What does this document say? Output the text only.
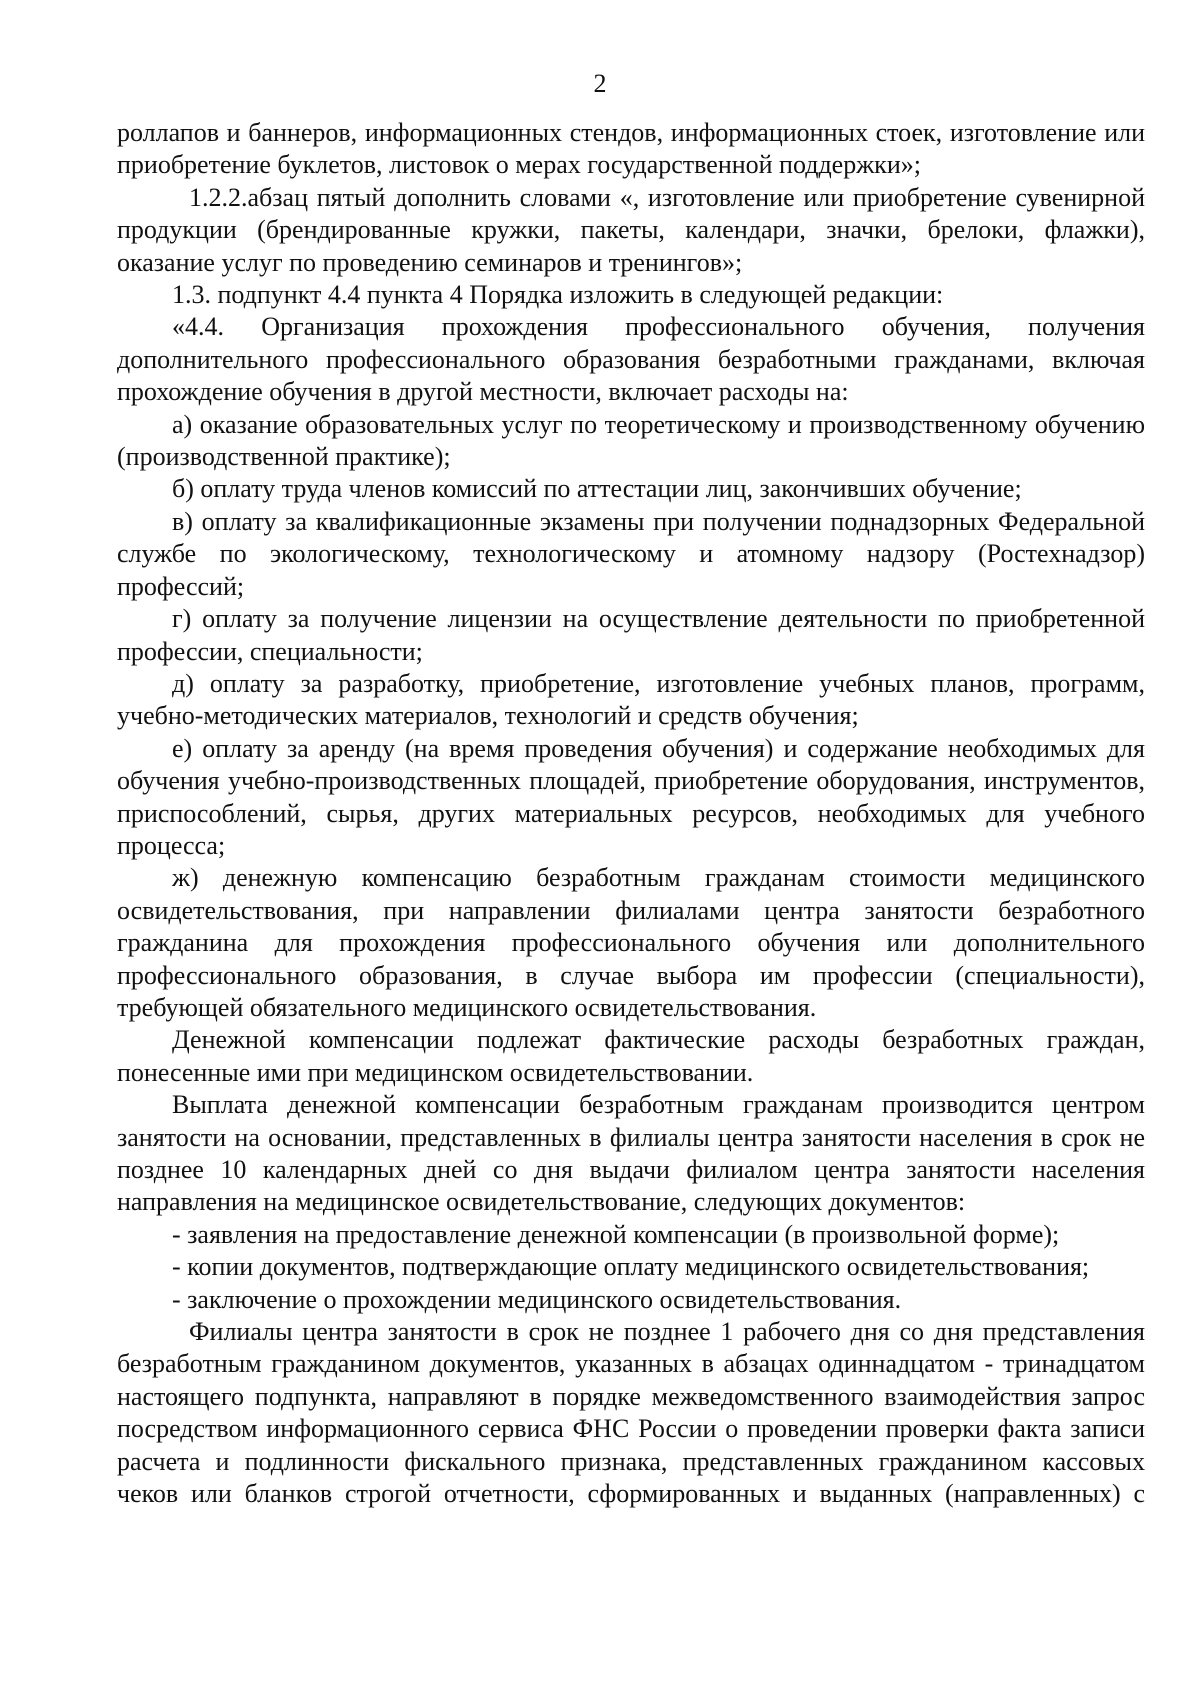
2

роллапов и баннеров, информационных стендов, информационных стоек, изготовление или приобретение буклетов, листовок о мерах государственной поддержки»;

1.2.2.абзац пятый дополнить словами «, изготовление или приобретение сувенирной продукции (брендированные кружки, пакеты, календари, значки, брелоки, флажки), оказание услуг по проведению семинаров и тренингов»;

1.3. подпункт 4.4 пункта 4 Порядка изложить в следующей редакции:

«4.4. Организация прохождения профессионального обучения, получения дополнительного профессионального образования безработными гражданами, включая прохождение обучения в другой местности, включает расходы на:

а) оказание образовательных услуг по теоретическому и производственному обучению (производственной практике);

б) оплату труда членов комиссий по аттестации лиц, закончивших обучение;

в) оплату за квалификационные экзамены при получении поднадзорных Федеральной службе по экологическому, технологическому и атомному надзору (Ростехнадзор) профессий;

г) оплату за получение лицензии на осуществление деятельности по приобретенной профессии, специальности;

д) оплату за разработку, приобретение, изготовление учебных планов, программ, учебно-методических материалов, технологий и средств обучения;

е) оплату за аренду (на время проведения обучения) и содержание необходимых для обучения учебно-производственных площадей, приобретение оборудования, инструментов, приспособлений, сырья, других материальных ресурсов, необходимых для учебного процесса;

ж) денежную компенсацию безработным гражданам стоимости медицинского освидетельствования, при направлении филиалами центра занятости безработного гражданина для прохождения профессионального обучения или дополнительного профессионального образования, в случае выбора им профессии (специальности), требующей обязательного медицинского освидетельствования.

Денежной компенсации подлежат фактические расходы безработных граждан, понесенные ими при медицинском освидетельствовании.

Выплата денежной компенсации безработным гражданам производится центром занятости на основании, представленных в филиалы центра занятости населения в срок не позднее 10 календарных дней со дня выдачи филиалом центра занятости населения направления на медицинское освидетельствование, следующих документов:

- заявления на предоставление денежной компенсации (в произвольной форме);

- копии документов, подтверждающие оплату медицинского освидетельствования;

- заключение о прохождении медицинского освидетельствования.

Филиалы центра занятости в срок не позднее 1 рабочего дня со дня представления безработным гражданином документов, указанных в абзацах одиннадцатом - тринадцатом настоящего подпункта, направляют в порядке межведомственного взаимодействия запрос посредством информационного сервиса ФНС России о проведении проверки факта записи расчета и подлинности фискального признака, представленных гражданином кассовых чеков или бланков строгой отчетности, сформированных и выданных (направленных) с
